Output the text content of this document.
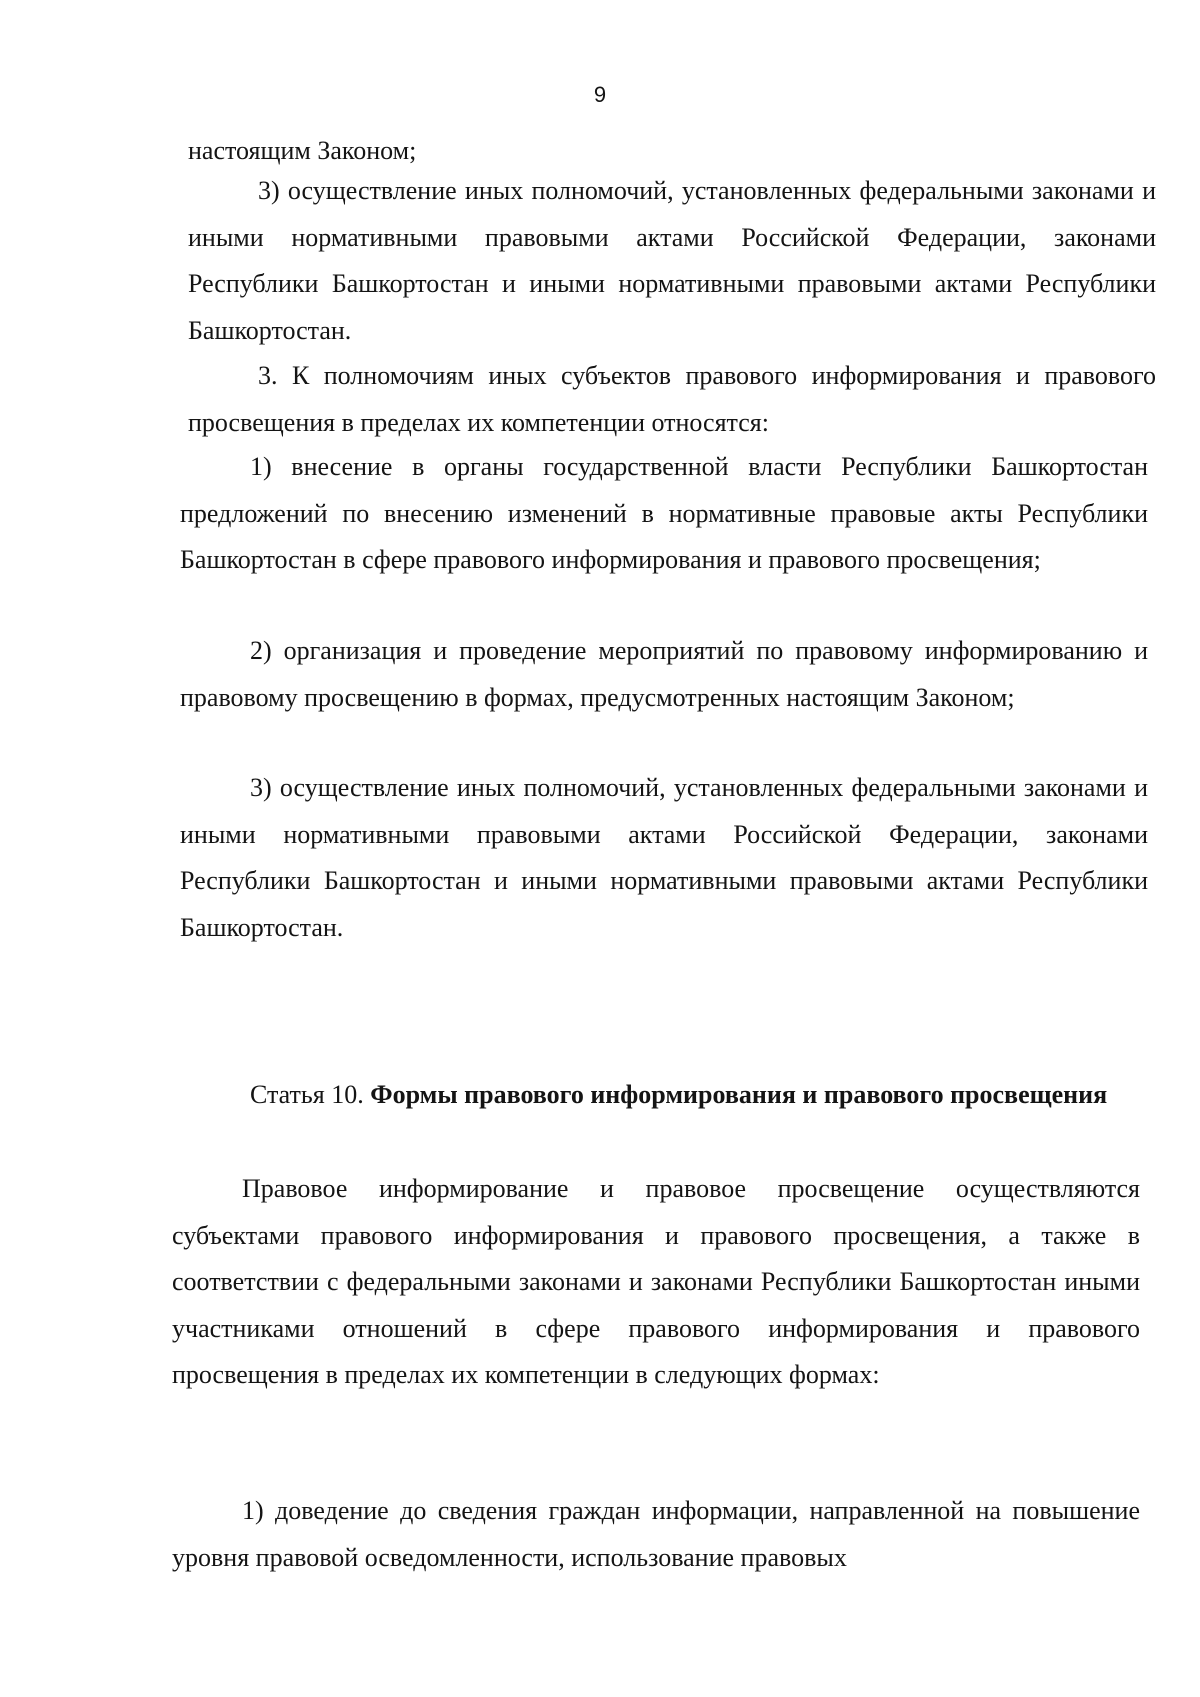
9

настоящим Законом;

3) осуществление иных полномочий, установленных федеральными законами и иными нормативными правовыми актами Российской Федерации, законами Республики Башкортостан и иными нормативными правовыми актами Республики Башкортостан.

3. К полномочиям иных субъектов правового информирования и правового просвещения в пределах их компетенции относятся:

1) внесение в органы государственной власти Республики Башкортостан предложений по внесению изменений в нормативные правовые акты Республики Башкортостан в сфере правового информирования и правового просвещения;

2) организация и проведение мероприятий по правовому информированию и правовому просвещению в формах, предусмотренных настоящим Законом;

3) осуществление иных полномочий, установленных федеральными законами и иными нормативными правовыми актами Российской Федерации, законами Республики Башкортостан и иными нормативными правовыми актами Республики Башкортостан.

Статья 10. Формы правового информирования и правового просвещения

Правовое информирование и правовое просвещение осуществляются субъектами правового информирования и правового просвещения, а также в соответствии с федеральными законами и законами Республики Башкортостан иными участниками отношений в сфере правового информирования и правового просвещения в пределах их компетенции в следующих формах:

1) доведение до сведения граждан информации, направленной на повышение уровня правовой осведомленности, использование правовых
